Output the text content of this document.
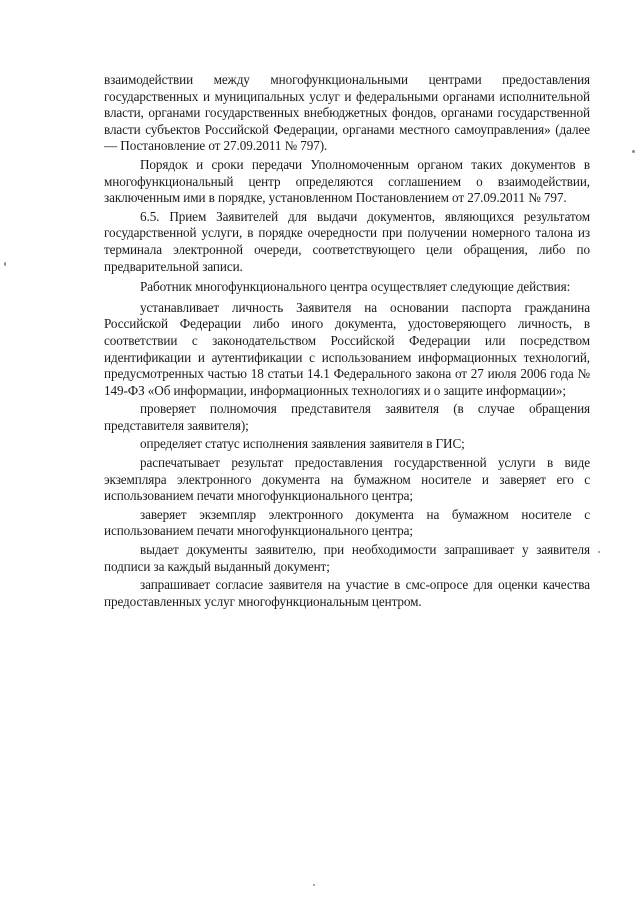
взаимодействии между многофункциональными центрами предоставления государственных и муниципальных услуг и федеральными органами исполнительной власти, органами государственных внебюджетных фондов, органами государственной власти субъектов Российской Федерации, органами местного самоуправления» (далее — Постановление от 27.09.2011 № 797).

Порядок и сроки передачи Уполномоченным органом таких документов в многофункциональный центр определяются соглашением о взаимодействии, заключенным ими в порядке, установленном Постановлением от 27.09.2011 № 797.

6.5. Прием Заявителей для выдачи документов, являющихся результатом государственной услуги, в порядке очередности при получении номерного талона из терминала электронной очереди, соответствующего цели обращения, либо по предварительной записи.

Работник многофункционального центра осуществляет следующие действия:

устанавливает личность Заявителя на основании паспорта гражданина Российской Федерации либо иного документа, удостоверяющего личность, в соответствии с законодательством Российской Федерации или посредством идентификации и аутентификации с использованием информационных технологий, предусмотренных частью 18 статьи 14.1 Федерального закона от 27 июля 2006 года № 149-ФЗ «Об информации, информационных технологиях и о защите информации»;

проверяет полномочия представителя заявителя (в случае обращения представителя заявителя);

определяет статус исполнения заявления заявителя в ГИС;

распечатывает результат предоставления государственной услуги в виде экземпляра электронного документа на бумажном носителе и заверяет его с использованием печати многофункционального центра;

заверяет экземпляр электронного документа на бумажном носителе с использованием печати многофункционального центра;

выдает документы заявителю, при необходимости запрашивает у заявителя подписи за каждый выданный документ;

запрашивает согласие заявителя на участие в смс-опросе для оценки качества предоставленных услуг многофункциональным центром.
